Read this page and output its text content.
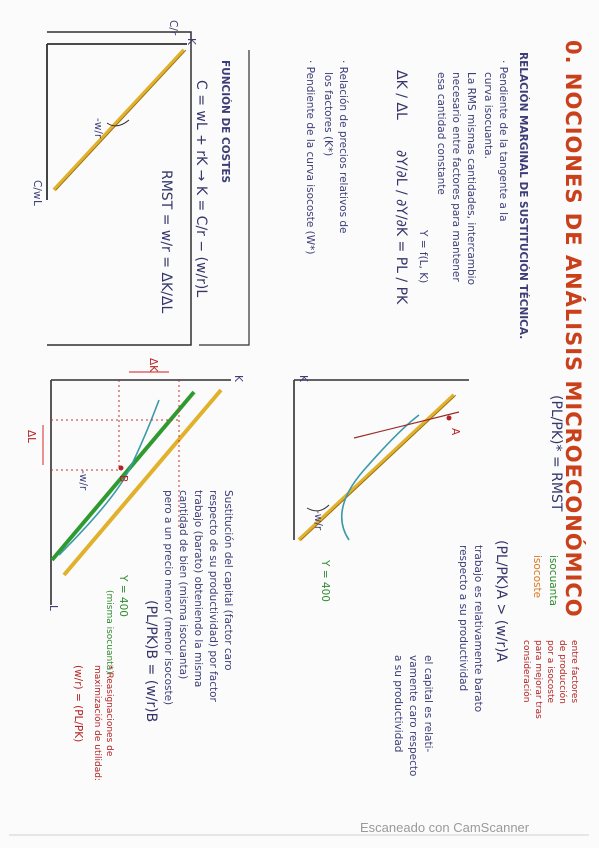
0. NOCIONES DE ANÁLISIS MICROECONÓMICO
RELACIÓN MARGINAL DE SUSTITUCIÓN TÉCNICA.
· Pendiente de la tangente a la
curva isocuanta.
La RMS mismas cantidades, intercambio
necesario entre factores para mantener
esa cantidad constante
ΔK / ΔL
∂Y/∂L / ∂Y/∂K = PL / PK Y = f(L, K)
· Relación de precios relativos de
los factores (K*)
· Pendiente de la curva isocoste (W*)
(PL/PK)* = RMST
A
Y = 400
K
-w/r
isocuanta
isocoste
entre factores
de producción
por a isocoste
para mejorar tras
consideración
(PL/PK)A > (w/r)A
trabajo es relativamente barato
respecto a su productividad
el capital es relati-
vamente caro respecto
a su productividad
FUNCIÓN DE COSTES
C = wL + rK → K = C/r − (w/r)L
RMST = w/r = ΔK/ΔL
K
L
C/r
C/w
-w/r
K
L
ΔK
ΔL
-w/r
Y = 400
(misma isocuanta)
B
Sustitución del capital (factor caro
respecto de su productividad) por factor
trabajo (barato) obteniendo la misma
cantidad de bien (misma isocuanta)
pero a un precio menor (menor isocoste)
(PL/PK)B = (w/r)B
* Reasignaciones de
maximización de utilidad:
(w/r) = (PL/PK)
Escaneado con CamScanner
